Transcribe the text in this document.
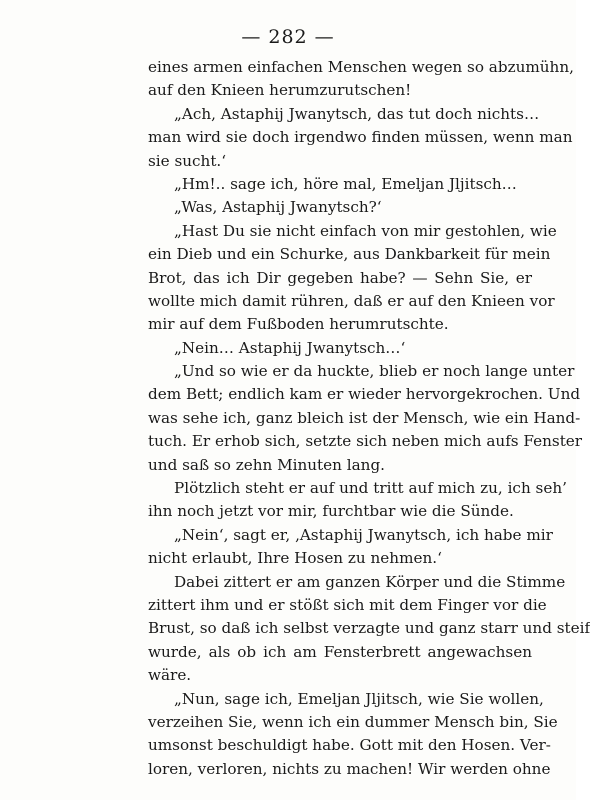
— 282 —
eines armen einfachen Menschen wegen so abzumühn,
auf den Knieen herumzurutschen!
„Ach, Astaphij Jwanytsch, das tut doch nichts…
man wird sie doch irgendwo finden müssen, wenn man
sie sucht.‘
„Hm!.. sage ich, höre mal, Emeljan Jljitsch…
„Was, Astaphij Jwanytsch?‘
„Hast Du sie nicht einfach von mir gestohlen, wie
ein Dieb und ein Schurke, aus Dankbarkeit für mein
Brot, das ich Dir gegeben habe? — Sehn Sie, er
wollte mich damit rühren, daß er auf den Knieen vor
mir auf dem Fußboden herumrutschte.
„Nein… Astaphij Jwanytsch…‘
„Und so wie er da huckte, blieb er noch lange unter
dem Bett; endlich kam er wieder hervorgekrochen. Und
was sehe ich, ganz bleich ist der Mensch, wie ein Hand-
tuch. Er erhob sich, setzte sich neben mich aufs Fenster
und saß so zehn Minuten lang.
Plötzlich steht er auf und tritt auf mich zu, ich seh’
ihn noch jetzt vor mir, furchtbar wie die Sünde.
„Nein‘, sagt er, ‚Astaphij Jwanytsch, ich habe mir
nicht erlaubt, Ihre Hosen zu nehmen.‘
Dabei zittert er am ganzen Körper und die Stimme
zittert ihm und er stößt sich mit dem Finger vor die
Brust, so daß ich selbst verzagte und ganz starr und steif
wurde, als ob ich am Fensterbrett angewachsen
wäre.
„Nun, sage ich, Emeljan Jljitsch, wie Sie wollen,
verzeihen Sie, wenn ich ein dummer Mensch bin, Sie
umsonst beschuldigt habe. Gott mit den Hosen. Ver-
loren, verloren, nichts zu machen! Wir werden ohne
